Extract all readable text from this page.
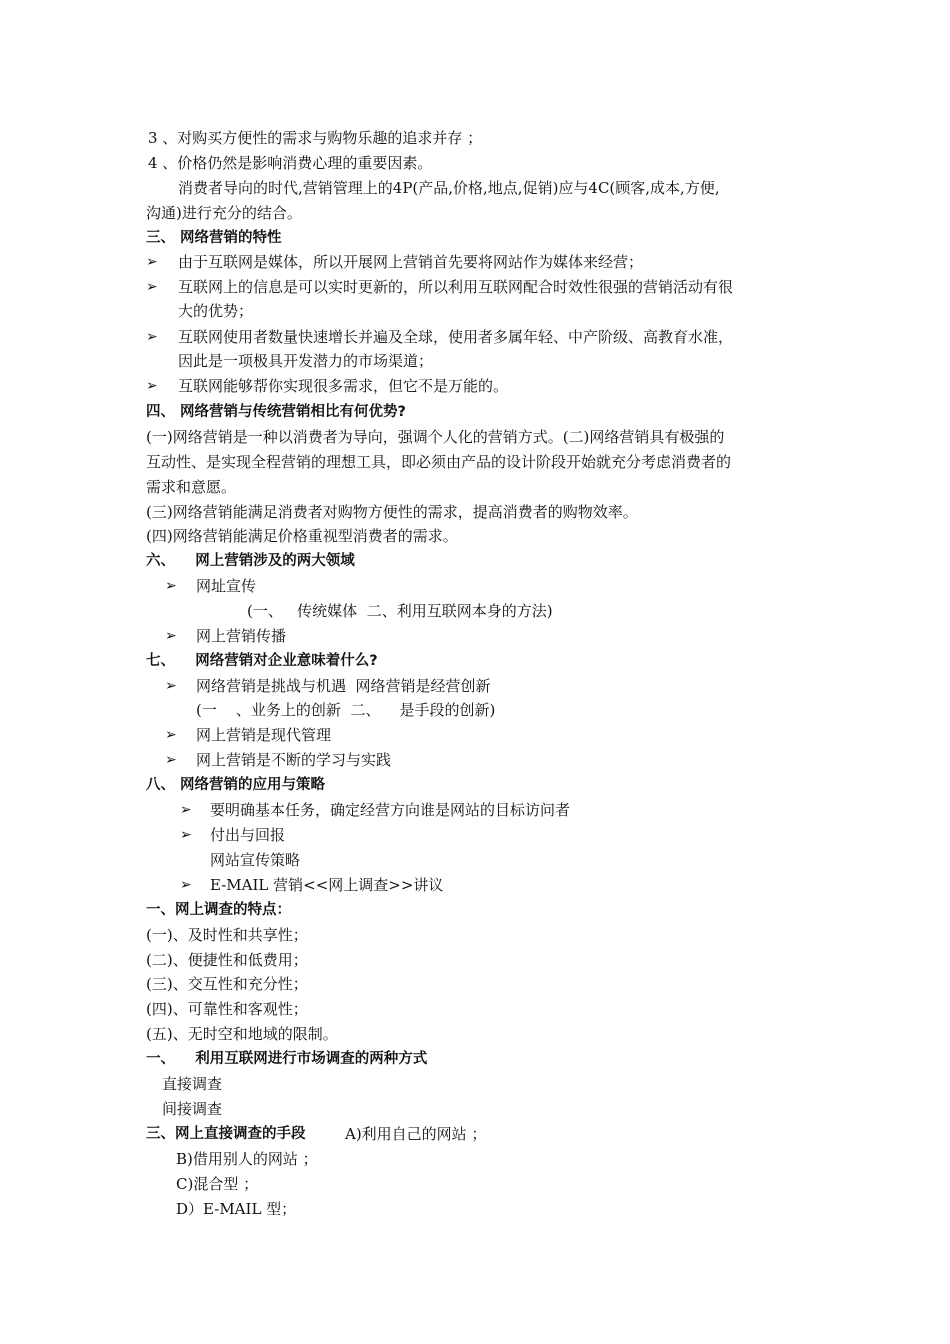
3 、对购买方便性的需求与购物乐趣的追求并存 ；
4 、价格仍然是影响消费心理的重要因素。
消费者导向的时代,营销管理上的4P(产品,价格,地点,促销)应与4C(顾客,成本,方便,
沟通)进行充分的结合。
三、 网络营销的特性
➢ 由于互联网是媒体，所以开展网上营销首先要将网站作为媒体来经营；
➢ 互联网上的信息是可以实时更新的，所以利用互联网配合时效性很强的营销活动有很
大的优势；
➢ 互联网使用者数量快速增长并遍及全球，使用者多属年轻、中产阶级、高教育水准，
因此是一项极具开发潜力的市场渠道；
➢ 互联网能够帮你实现很多需求，但它不是万能的。
四、 网络营销与传统营销相比有何优势?
(一)网络营销是一种以消费者为导向，强调个人化的营销方式。(二)网络营销具有极强的
互动性、是实现全程营销的理想工具，即必须由产品的设计阶段开始就充分考虑消费者的
需求和意愿。
(三)网络营销能满足消费者对购物方便性的需求，提高消费者的购物效率。
(四)网络营销能满足价格重视型消费者的需求。
六、    网上营销涉及的两大领域
➢ 网址宣传
(一、   传统媒体  二、利用互联网本身的方法)
➢ 网上营销传播
七、    网络营销对企业意味着什么?
➢ 网络营销是挑战与机遇  网络营销是经营创新
(一    、业务上的创新  二、    是手段的创新)
➢ 网上营销是现代管理
➢ 网上营销是不断的学习与实践
八、 网络营销的应用与策略
➢ 要明确基本任务，确定经营方向谁是网站的目标访问者
➢ 付出与回报
网站宣传策略
➢ E-MAIL 营销<<网上调查>>讲议
一、网上调查的特点：
(一)、及时性和共享性；
(二)、便捷性和低费用；
(三)、交互性和充分性；
(四)、可靠性和客观性；
(五)、无时空和地域的限制。
一、    利用互联网进行市场调查的两种方式
直接调查
间接调查
三、网上直接调查的手段	A)利用自己的网站 ；
B)借用别人的网站 ；
C)混合型 ；
D）E-MAIL 型；
